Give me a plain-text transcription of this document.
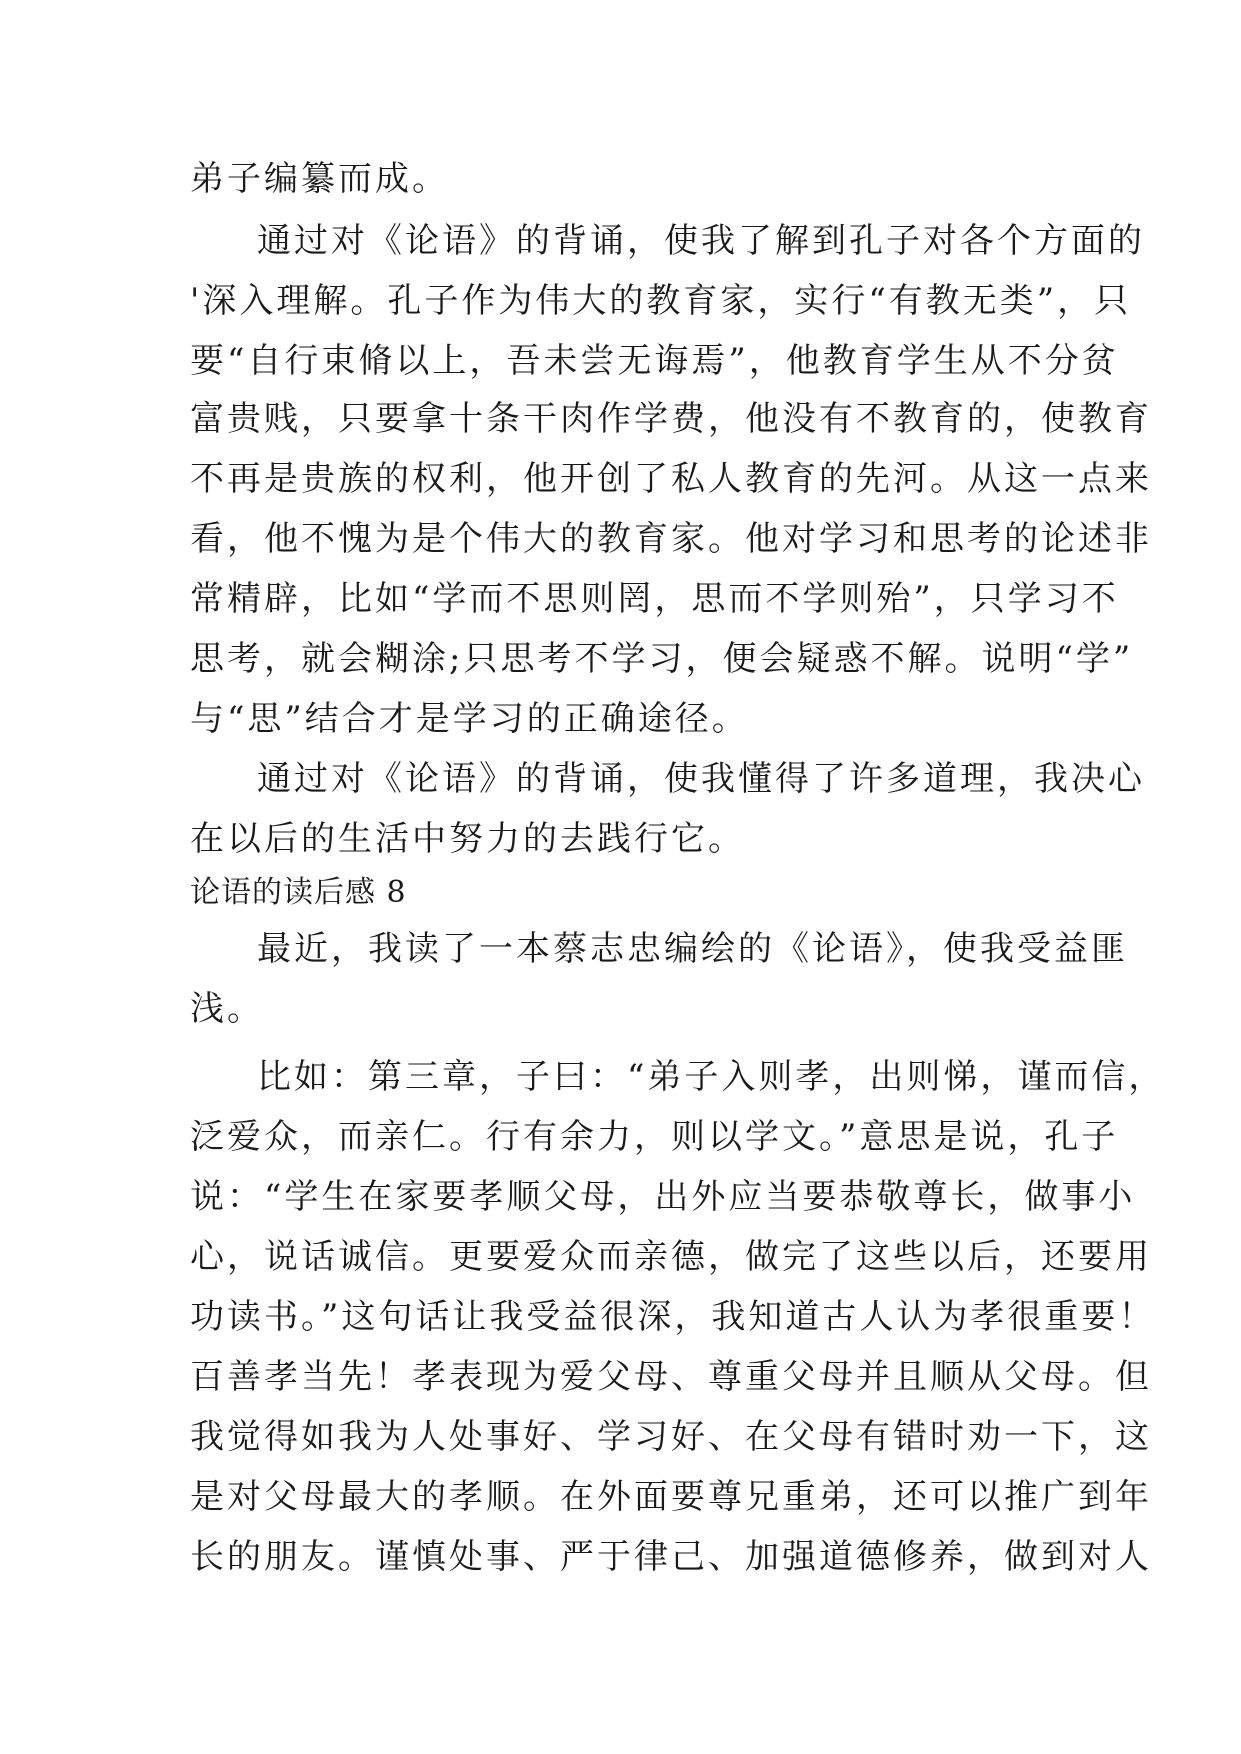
弟子编纂而成。
通过对《论语》的背诵，使我了解到孔子对各个方面的
'深入理解。孔子作为伟大的教育家，实行“有教无类”，只
要“自行束脩以上，吾未尝无诲焉”，他教育学生从不分贫
富贵贱，只要拿十条干肉作学费，他没有不教育的，使教育
不再是贵族的权利，他开创了私人教育的先河。从这一点来
看，他不愧为是个伟大的教育家。他对学习和思考的论述非
常精辟，比如“学而不思则罔，思而不学则殆”，只学习不
思考，就会糊涂;只思考不学习，便会疑惑不解。说明“学”
与“思”结合才是学习的正确途径。
通过对《论语》的背诵，使我懂得了许多道理，我决心
在以后的生活中努力的去践行它。
论语的读后感 8
最近，我读了一本蔡志忠编绘的《论语》，使我受益匪
浅。
比如：第三章，子曰：“弟子入则孝，出则悌，谨而信，
泛爱众，而亲仁。行有余力，则以学文。”意思是说，孔子
说：“学生在家要孝顺父母，出外应当要恭敬尊长，做事小
心，说话诚信。更要爱众而亲德，做完了这些以后，还要用
功读书。”这句话让我受益很深，我知道古人认为孝很重要！
百善孝当先！孝表现为爱父母、尊重父母并且顺从父母。但
我觉得如我为人处事好、学习好、在父母有错时劝一下，这
是对父母最大的孝顺。在外面要尊兄重弟，还可以推广到年
长的朋友。谨慎处事、严于律己、加强道德修养，做到对人
